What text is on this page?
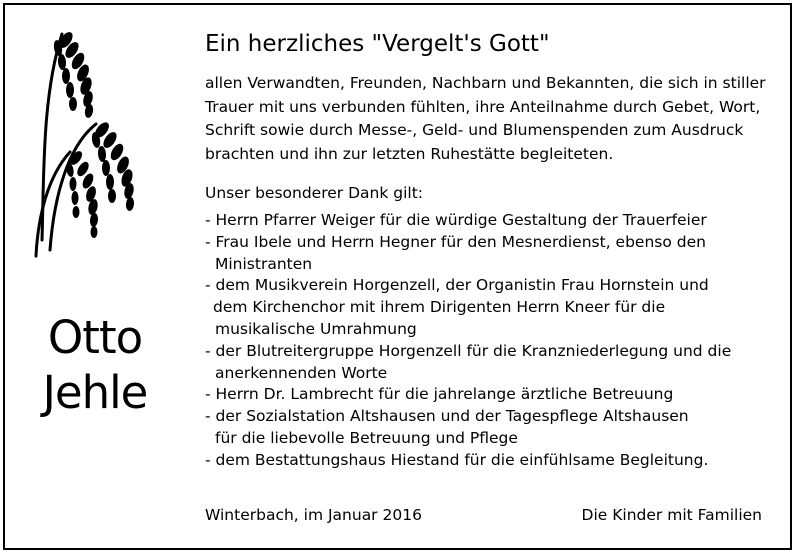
Otto
Jehle
Ein herzliches "Vergelt's Gott"
allen Verwandten, Freunden, Nachbarn und Bekannten, die sich in stiller
Trauer mit uns verbunden fühlten, ihre Anteilnahme durch Gebet, Wort,
Schrift sowie durch Messe-, Geld- und Blumenspenden zum Ausdruck
brachten und ihn zur letzten Ruhestätte begleiteten.
Unser besonderer Dank gilt:
- Herrn Pfarrer Weiger für die würdige Gestaltung der Trauerfeier
- Frau Ibele und Herrn Hegner für den Mesnerdienst, ebenso den
Ministranten
- dem Musikverein Horgenzell, der Organistin Frau Hornstein und
dem Kirchenchor mit ihrem Dirigenten Herrn Kneer für die
musikalische Umrahmung
- der Blutreitergruppe Horgenzell für die Kranzniederlegung und die
anerkennenden Worte
- Herrn Dr. Lambrecht für die jahrelange ärztliche Betreuung
- der Sozialstation Altshausen und der Tagespflege Altshausen
für die liebevolle Betreuung und Pflege
- dem Bestattungshaus Hiestand für die einfühlsame Begleitung.
Winterbach, im Januar 2016	Die Kinder mit Familien
